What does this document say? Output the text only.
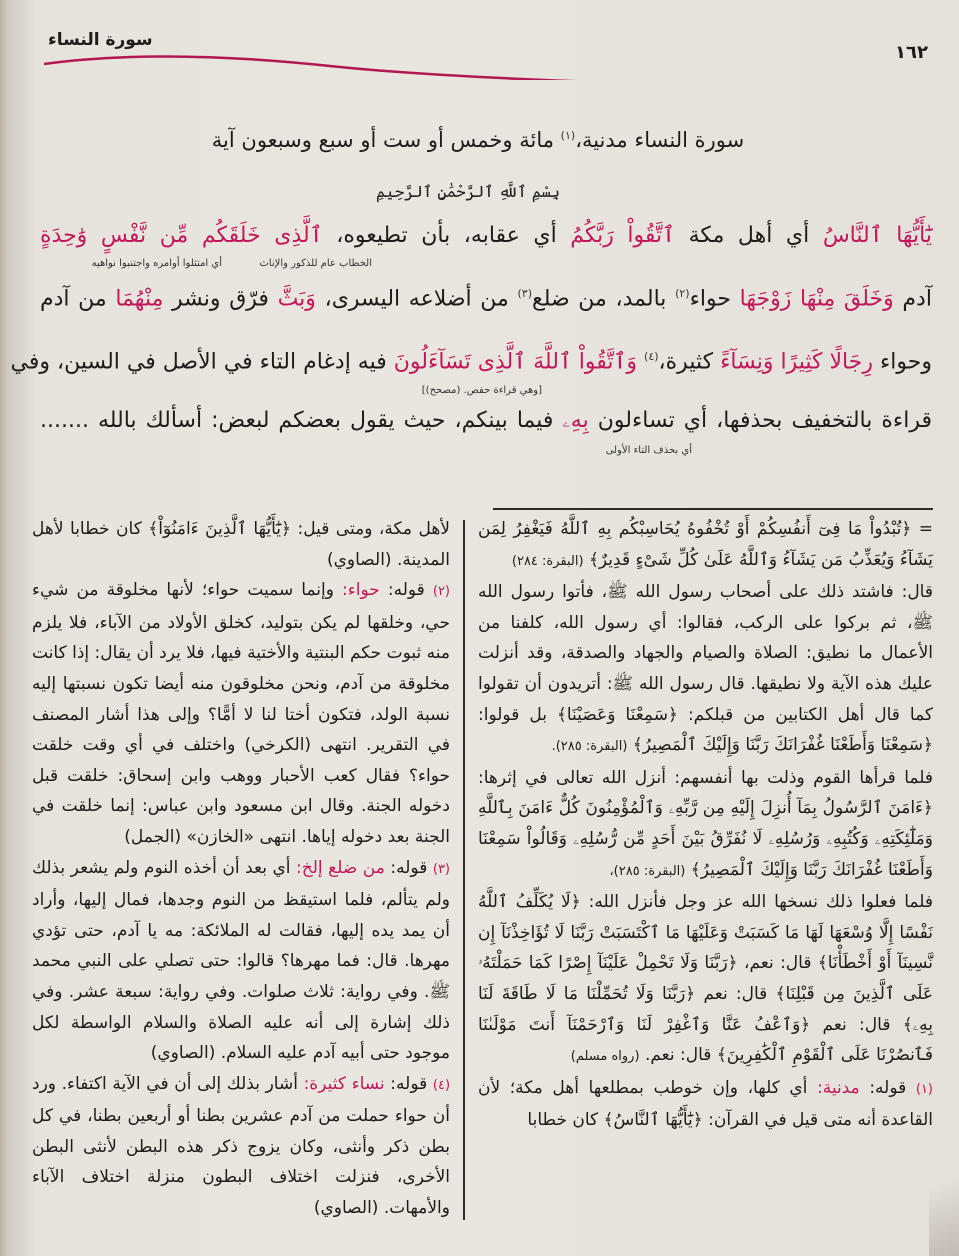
سورة النساء
١٦٢
سورة النساء مدنية،$^{(١)}$ مائة وخمس أو ست أو سبع وسبعون آية
بِسْمِ ٱللَّهِ ٱلرَّحْمَٰنِ ٱلرَّحِيمِ
يَٰٓأَيُّهَا ٱلنَّاسُ أي أهل مكة ٱتَّقُواْ رَبَّكُمُ أي عقابه، بأن تطيعوه، ٱلَّذِى خَلَقَكُم مِّن نَّفْسٍ وَٰحِدَةٍ
الخطاب عام للذكور والإناث
أي امتثلوا أوامره واجتنبوا نواهيه
آدم وَخَلَقَ مِنْهَا زَوْجَهَا حواء$^{(٢)}$ بالمد، من ضلع$^{(٣)}$ من أضلاعه اليسرى، وَبَثَّ فرّق ونشر مِنْهُمَا من آدم
وحواء رِجَالًا كَثِيرًا وَنِسَآءً كثيرة،$^{(٤)}$ وَٱتَّقُواْ ٱللَّهَ ٱلَّذِى تَسَآءَلُونَ فيه إدغام التاء في الأصل في السين، وفي
[وهي قراءة حفص. (مصحح)]
قراءة بالتخفيف بحذفها، أي تساءلون بِهِۦ فيما بينكم، حيث يقول بعضكم لبعض: أسألك بالله .......
أي بحذف التاء الأولى

= ﴿تُبْدُواْ مَا فِىٓ أَنفُسِكُمْ أَوْ تُخْفُوهُ يُحَاسِبْكُم بِهِ ٱللَّهُ فَيَغْفِرُ لِمَن يَشَآءُ وَيُعَذِّبُ مَن يَشَآءُ وَٱللَّهُ عَلَىٰ كُلِّ شَىْءٍ قَدِيرٌ﴾ (البقرة: ٢٨٤)

قال: فاشتد ذلك على أصحاب رسول الله ﷺ، فأتوا رسول الله ﷺ، ثم بركوا على الركب، فقالوا: أي رسول الله، كلفنا من الأعمال ما نطيق: الصلاة والصيام والجهاد والصدقة، وقد أنزلت عليك هذه الآية ولا نطيقها. قال رسول الله ﷺ: أتريدون أن تقولوا كما قال أهل الكتابين من قبلكم: ﴿سَمِعْنَا وَعَصَيْنَا﴾ بل قولوا: ﴿سَمِعْنَا وَأَطَعْنَا غُفْرَانَكَ رَبَّنَا وَإِلَيْكَ ٱلْمَصِيرُ﴾ (البقرة: ٢٨٥).

فلما قرأها القوم وذلت بها أنفسهم: أنزل الله تعالى في إثرها: ﴿ءَامَنَ ٱلرَّسُولُ بِمَآ أُنزِلَ إِلَيْهِ مِن رَّبِّهِۦ وَٱلْمُؤْمِنُونَ كُلٌّ ءَامَنَ بِٱللَّهِ وَمَلَٰٓئِكَتِهِۦ وَكُتُبِهِۦ وَرُسُلِهِۦ لَا نُفَرِّقُ بَيْنَ أَحَدٍ مِّن رُّسُلِهِۦ وَقَالُواْ سَمِعْنَا وَأَطَعْنَا غُفْرَانَكَ رَبَّنَا وَإِلَيْكَ ٱلْمَصِيرُ﴾ (البقرة: ٢٨٥)،

فلما فعلوا ذلك نسخها الله عز وجل فأنزل الله: ﴿لَا يُكَلِّفُ ٱللَّهُ نَفْسًا إِلَّا وُسْعَهَا لَهَا مَا كَسَبَتْ وَعَلَيْهَا مَا ٱكْتَسَبَتْ رَبَّنَا لَا تُؤَاخِذْنَآ إِن نَّسِينَآ أَوْ أَخْطَأْنَا﴾ قال: نعم، ﴿رَبَّنَا وَلَا تَحْمِلْ عَلَيْنَآ إِصْرًا كَمَا حَمَلْتَهُۥ عَلَى ٱلَّذِينَ مِن قَبْلِنَا﴾ قال: نعم ﴿رَبَّنَا وَلَا تُحَمِّلْنَا مَا لَا طَاقَةَ لَنَا بِهِۦ﴾ قال: نعم ﴿وَٱعْفُ عَنَّا وَٱغْفِرْ لَنَا وَٱرْحَمْنَآ أَنتَ مَوْلَىٰنَا فَٱنصُرْنَا عَلَى ٱلْقَوْمِ ٱلْكَٰفِرِينَ﴾ قال: نعم. (رواه مسلم)

(١) قوله: مدنية: أي كلها، وإن خوطب بمطلعها أهل مكة؛ لأن القاعدة أنه متى قيل في القرآن: ﴿يَٰٓأَيُّهَا ٱلنَّاسُ﴾ كان خطابا

لأهل مكة، ومتى قيل: ﴿يَٰٓأَيُّهَا ٱلَّذِينَ ءَامَنُوٓاْ﴾ كان خطابا لأهل المدينة. (الصاوي)

(٢) قوله: حواء: وإنما سميت حواء؛ لأنها مخلوقة من شيء حي، وخلقها لم يكن بتوليد، كخلق الأولاد من الآباء، فلا يلزم منه ثبوت حكم البنتية والأختية فيها، فلا يرد أن يقال: إذا كانت مخلوقة من آدم، ونحن مخلوقون منه أيضا تكون نسبتها إليه نسبة الولد، فتكون أختا لنا لا أمًّا؟ وإلى هذا أشار المصنف في التقرير. انتهى (الكرخي) واختلف في أي وقت خلقت حواء؟ فقال كعب الأحبار ووهب وابن إسحاق: خلقت قبل دخوله الجنة. وقال ابن مسعود وابن عباس: إنما خلقت في الجنة بعد دخوله إياها. انتهى «الخازن» (الجمل)

(٣) قوله: من ضلع إلخ: أي بعد أن أخذه النوم ولم يشعر بذلك ولم يتألم، فلما استيقظ من النوم وجدها، فمال إليها، وأراد أن يمد يده إليها، فقالت له الملائكة: مه يا آدم، حتى تؤدي مهرها. قال: فما مهرها؟ قالوا: حتى تصلي على النبي محمد ﷺ. وفي رواية: ثلاث صلوات. وفي رواية: سبعة عشر. وفي ذلك إشارة إلى أنه عليه الصلاة والسلام الواسطة لكل موجود حتى أبيه آدم عليه السلام. (الصاوي)

(٤) قوله: نساء كثيرة: أشار بذلك إلى أن في الآية اكتفاء. ورد أن حواء حملت من آدم عشرين بطنا أو أربعين بطنا، في كل بطن ذكر وأنثى، وكان يزوج ذكر هذه البطن لأنثى البطن الأخرى، فنزلت اختلاف البطون منزلة اختلاف الآباء والأمهات. (الصاوي)
